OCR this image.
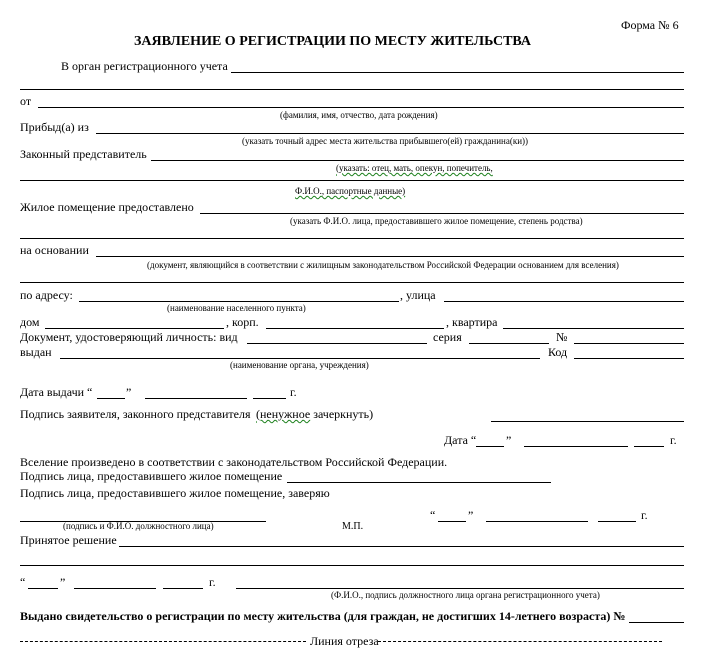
Форма № 6
ЗАЯВЛЕНИЕ О РЕГИСТРАЦИИ ПО МЕСТУ ЖИТЕЛЬСТВА
В орган регистрационного учета
от
(фамилия, имя, отчество, дата рождения)
Прибыд(а) из
(указать точный адрес места жительства прибывшего(ей) гражданина(ки))
Законный представитель
(указать: отец, мать, опекун, попечитель,
Ф.И.О., паспортные данные)
Жилое помещение предоставлено
(указать Ф.И.О. лица, предоставившего жилое помещение, степень родства)
на основании
(документ, являющийся в соответствии с жилищным законодательством Российской Федерации основанием для вселения)
по адресу:	, улица
(наименование населенного пункта)
дом	, корп.	, квартира
Документ, удостоверяющий личность: вид	серия	№
выдан	Код
(наименование органа, учреждения)
Дата выдачи “	”	г.
Подпись заявителя, законного представителя (ненужное зачеркнуть)
Дата “ ”	г.
Вселение произведено в соответствии с законодательством Российской Федерации.
Подпись лица, предоставившего жилое помещение
Подпись лица, предоставившего жилое помещение, заверяю
(подпись и Ф.И.О. должностного лица)	М.П.
“	”	г.
Принятое решение
“	”	г.
(Ф.И.О., подпись должностного лица органа регистрационного учета)
Выдано свидетельство о регистрации по месту жительства (для граждан, не достигших 14-летнего возраста) №
Линия отреза
